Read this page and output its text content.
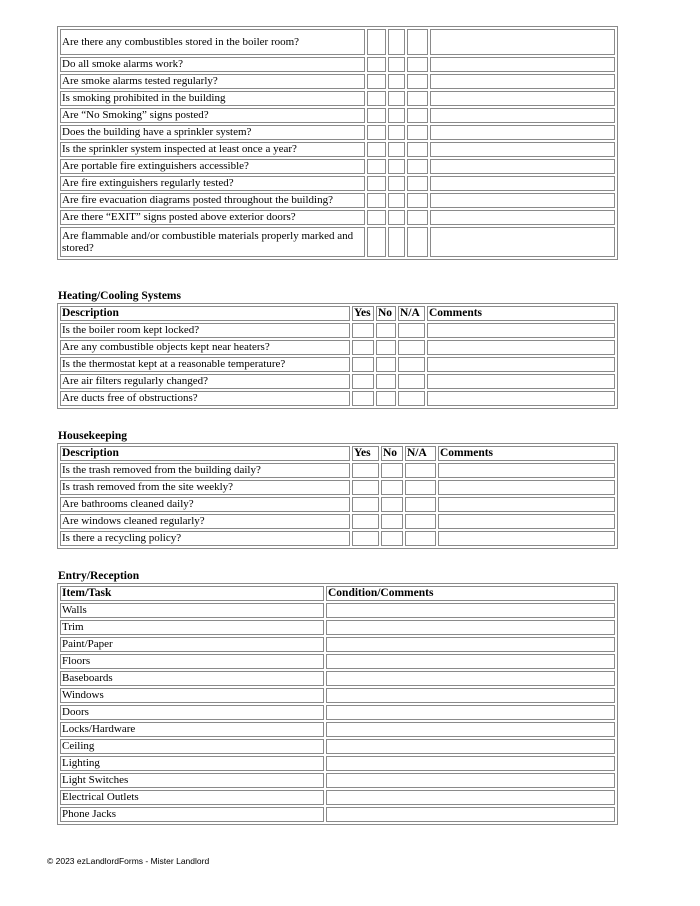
Are there any combustibles stored in the boiler room?				
Do all smoke alarms work?				
Are smoke alarms tested regularly?				
Is smoking prohibited in the building				
Are “No Smoking” signs posted?				
Does the building have a sprinkler system?				
Is the sprinkler system inspected at least once a year?				
Are portable fire extinguishers accessible?				
Are fire extinguishers regularly tested?				
Are fire evacuation diagrams posted throughout the building?				
Are there “EXIT” signs posted above exterior doors?				
Are flammable and/or combustible materials properly marked and stored?				
Heating/Cooling Systems
Description	Yes	No	N/A	Comments
Is the boiler room kept locked?				
Are any combustible objects kept near heaters?				
Is the thermostat kept at a reasonable temperature?				
Are air filters regularly changed?				
Are ducts free of obstructions?				
Housekeeping
Description	Yes	No	N/A	Comments
Is the trash removed from the building daily?				
Is trash removed from the site weekly?				
Are bathrooms cleaned daily?				
Are windows cleaned regularly?				
Is there a recycling policy?				
Entry/Reception
Item/Task	Condition/Comments
Walls	
Trim	
Paint/Paper	
Floors	
Baseboards	
Windows	
Doors	
Locks/Hardware	
Ceiling	
Lighting	
Light Switches	
Electrical Outlets	
Phone Jacks	
© 2023 ezLandlordForms - Mister Landlord
